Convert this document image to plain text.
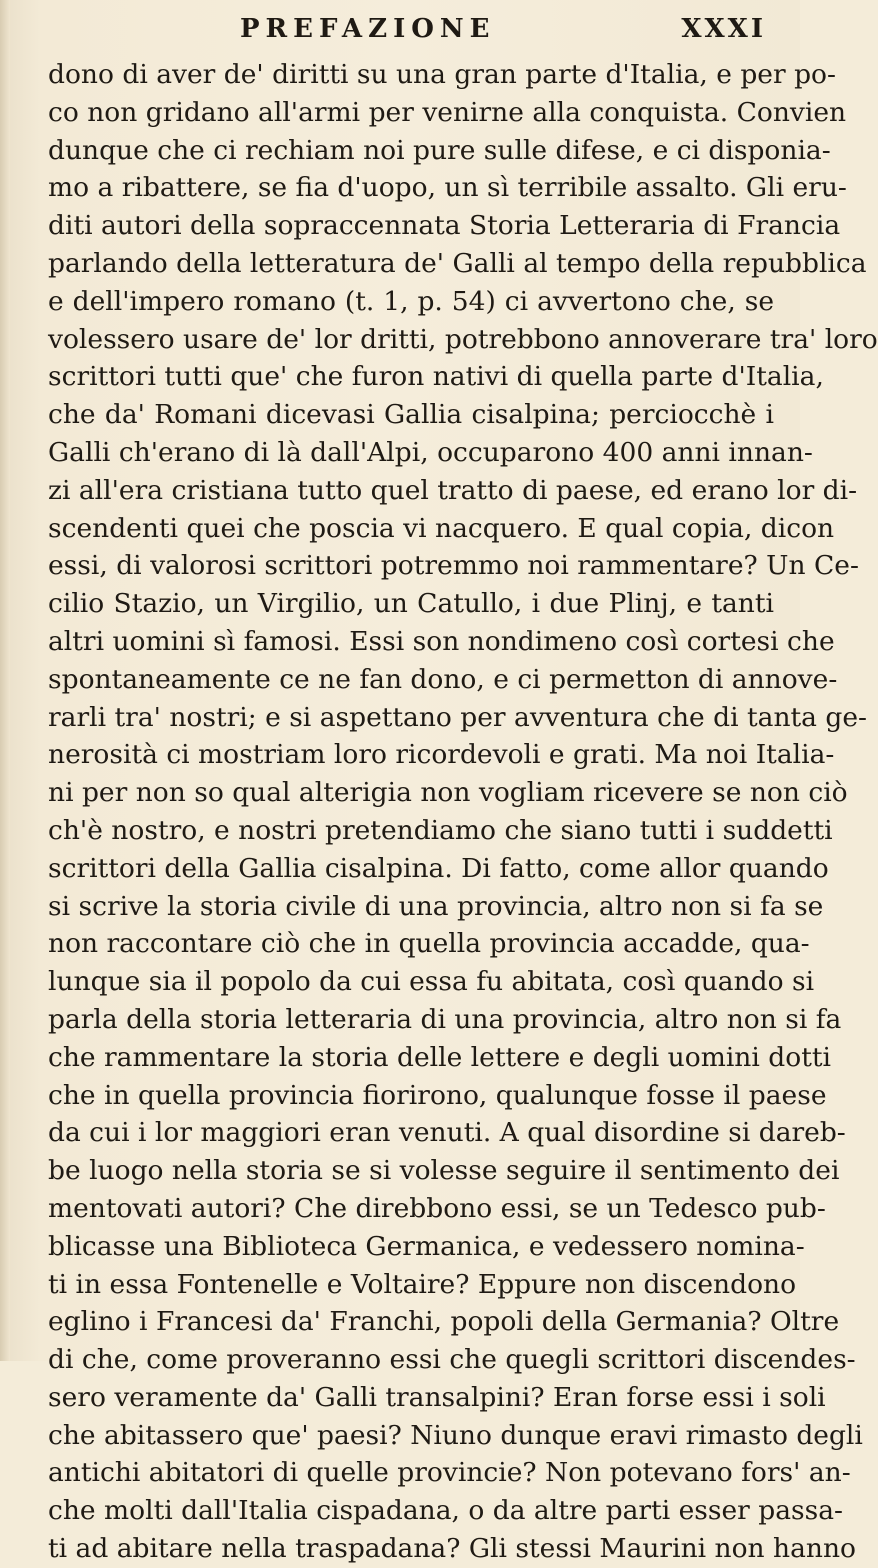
PREFAZIONE	XXXI
dono di aver de' diritti su una gran parte d'Italia, e per po-
co non gridano all'armi per venirne alla conquista. Convien
dunque che ci rechiam noi pure sulle difese, e ci disponia-
mo a ribattere, se fia d'uopo, un sì terribile assalto. Gli eru-
diti autori della sopraccennata Storia Letteraria di Francia
parlando della letteratura de' Galli al tempo della repubblica
e dell'impero romano (t. 1, p. 54) ci avvertono che, se
volessero usare de' lor dritti, potrebbono annoverare tra' loro
scrittori tutti que' che furon nativi di quella parte d'Italia,
che da' Romani dicevasi Gallia cisalpina; perciocchè i
Galli ch'erano di là dall'Alpi, occuparono 400 anni innan-
zi all'era cristiana tutto quel tratto di paese, ed erano lor di-
scendenti quei che poscia vi nacquero. E qual copia, dicon
essi, di valorosi scrittori potremmo noi rammentare? Un Ce-
cilio Stazio, un Virgilio, un Catullo, i due Plinj, e tanti
altri uomini sì famosi. Essi son nondimeno così cortesi che
spontaneamente ce ne fan dono, e ci permetton di annove-
rarli tra' nostri; e si aspettano per avventura che di tanta ge-
nerosità ci mostriam loro ricordevoli e grati. Ma noi Italia-
ni per non so qual alterigia non vogliam ricevere se non ciò
ch'è nostro, e nostri pretendiamo che siano tutti i suddetti
scrittori della Gallia cisalpina. Di fatto, come allor quando
si scrive la storia civile di una provincia, altro non si fa se
non raccontare ciò che in quella provincia accadde, qua-
lunque sia il popolo da cui essa fu abitata, così quando si
parla della storia letteraria di una provincia, altro non si fa
che rammentare la storia delle lettere e degli uomini dotti
che in quella provincia fiorirono, qualunque fosse il paese
da cui i lor maggiori eran venuti. A qual disordine si dareb-
be luogo nella storia se si volesse seguire il sentimento dei
mentovati autori? Che direbbono essi, se un Tedesco pub-
blicasse una Biblioteca Germanica, e vedessero nomina-
ti in essa Fontenelle e Voltaire? Eppure non discendono
eglino i Francesi da' Franchi, popoli della Germania? Oltre
di che, come proveranno essi che quegli scrittori discendes-
sero veramente da' Galli transalpini? Eran forse essi i soli
che abitassero que' paesi? Niuno dunque eravi rimasto degli
antichi abitatori di quelle provincie? Non potevano fors' an-
che molti dall'Italia cispadana, o da altre parti esser passa-
ti ad abitare nella traspadana? Gli stessi Maurini non hanno
